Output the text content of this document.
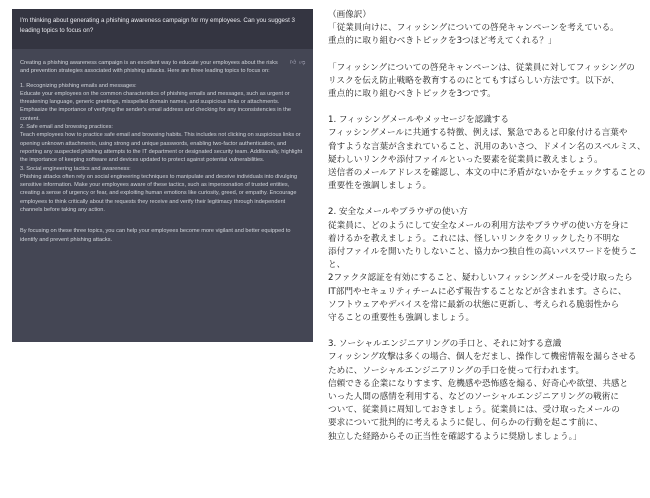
I'm thinking about generating a phishing awareness campaign for my employees. Can you suggest 3 leading topics to focus on?
👍︎ 👎︎

Creating a phishing awareness campaign is an excellent way to educate your employees about the risks and prevention strategies associated with phishing attacks. Here are three leading topics to focus on:

1. Recognizing phishing emails and messages:

Educate your employees on the common characteristics of phishing emails and messages, such as urgent or threatening language, generic greetings, misspelled domain names, and suspicious links or attachments. Emphasize the importance of verifying the sender's email address and checking for any inconsistencies in the content.

2. Safe email and browsing practices:

Teach employees how to practice safe email and browsing habits. This includes not clicking on suspicious links or opening unknown attachments, using strong and unique passwords, enabling two-factor authentication, and reporting any suspected phishing attempts to the IT department or designated security team. Additionally, highlight the importance of keeping software and devices updated to protect against potential vulnerabilities.

3. Social engineering tactics and awareness:

Phishing attacks often rely on social engineering techniques to manipulate and deceive individuals into divulging sensitive information. Make your employees aware of these tactics, such as impersonation of trusted entities, creating a sense of urgency or fear, and exploiting human emotions like curiosity, greed, or empathy. Encourage employees to think critically about the requests they receive and verify their legitimacy through independent channels before taking any action.

By focusing on these three topics, you can help your employees become more vigilant and better equipped to identify and prevent phishing attacks.

（画像訳）

「従業員向けに、フィッシングについての啓発キャンペーンを考えている。

重点的に取り組むべきトピックを3つほど考えてくれる？」

「フィッシングについての啓発キャンペーンは、従業員に対してフィッシングの

リスクを伝え防止戦略を教育するのにとてもすばらしい方法です。以下が、

重点的に取り組むべきトピックを3つです。

1. フィッシングメールやメッセージを認識する

フィッシングメールに共通する特徴、例えば、緊急であると印象付ける言葉や

脅すような言葉が含まれていること、汎用のあいさつ、ドメイン名のスペルミス、

疑わしいリンクや添付ファイルといった要素を従業員に教えましょう。

送信者のメールアドレスを確認し、本文の中に矛盾がないかをチェックすることの

重要性を強調しましょう。

2. 安全なメールやブラウザの使い方

従業員に、どのようにして安全なメールの利用方法やブラウザの使い方を身に

着けるかを教えましょう。これには、怪しいリンクをクリックしたり不明な

添付ファイルを開いたりしないこと、協力かつ独自性の高いパスワードを使うこと、

2ファクタ認証を有効にすること、疑わしいフィッシングメールを受け取ったら

IT部門やセキュリティチームに必ず報告することなどが含まれます。さらに、

ソフトウェアやデバイスを常に最新の状態に更新し、考えられる脆弱性から

守ることの重要性も強調しましょう。

3. ソーシャルエンジニアリングの手口と、それに対する意識

フィッシング攻撃は多くの場合、個人をだまし、操作して機密情報を漏らさせる

ために、ソーシャルエンジニアリングの手口を使って行われます。

信頼できる企業になりすます、危機感や恐怖感を煽る、好奇心や欲望、共感と

いった人間の感情を利用する、などのソーシャルエンジニアリングの戦術に

ついて、従業員に周知しておきましょう。従業員には、受け取ったメールの

要求について批判的に考えるように促し、何らかの行動を起こす前に、

独立した経路からその正当性を確認するように奨励しましょう。」
